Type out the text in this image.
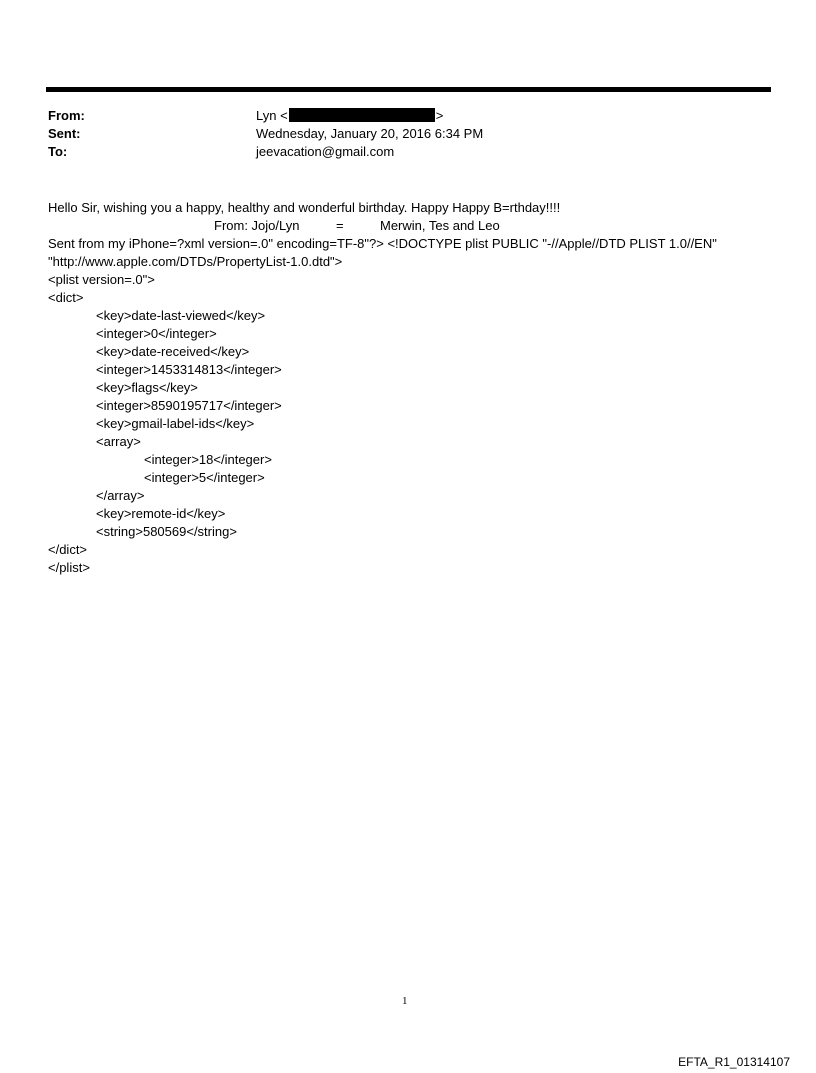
From:	Lyn <	>
Sent:	Wednesday, January 20, 2016 6:34 PM
To:	jeevacation@gmail.com
Hello Sir, wishing you a happy, healthy and wonderful birthday. Happy Happy B=rthday!!!!
From: Jojo/Lyn	=	Merwin, Tes and Leo
Sent from my iPhone=?xml version=.0" encoding=TF-8"?> <!DOCTYPE plist PUBLIC "-//Apple//DTD PLIST 1.0//EN"
"http://www.apple.com/DTDs/PropertyList-1.0.dtd">
<plist version=.0">
<dict>
<key>date-last-viewed</key>
<integer>0</integer>
<key>date-received</key>
<integer>1453314813</integer>
<key>flags</key>
<integer>8590195717</integer>
<key>gmail-label-ids</key>
<array>
<integer>18</integer>
<integer>5</integer>
</array>
<key>remote-id</key>
<string>580569</string>
</dict>
</plist>
1
EFTA_R1_01314107
